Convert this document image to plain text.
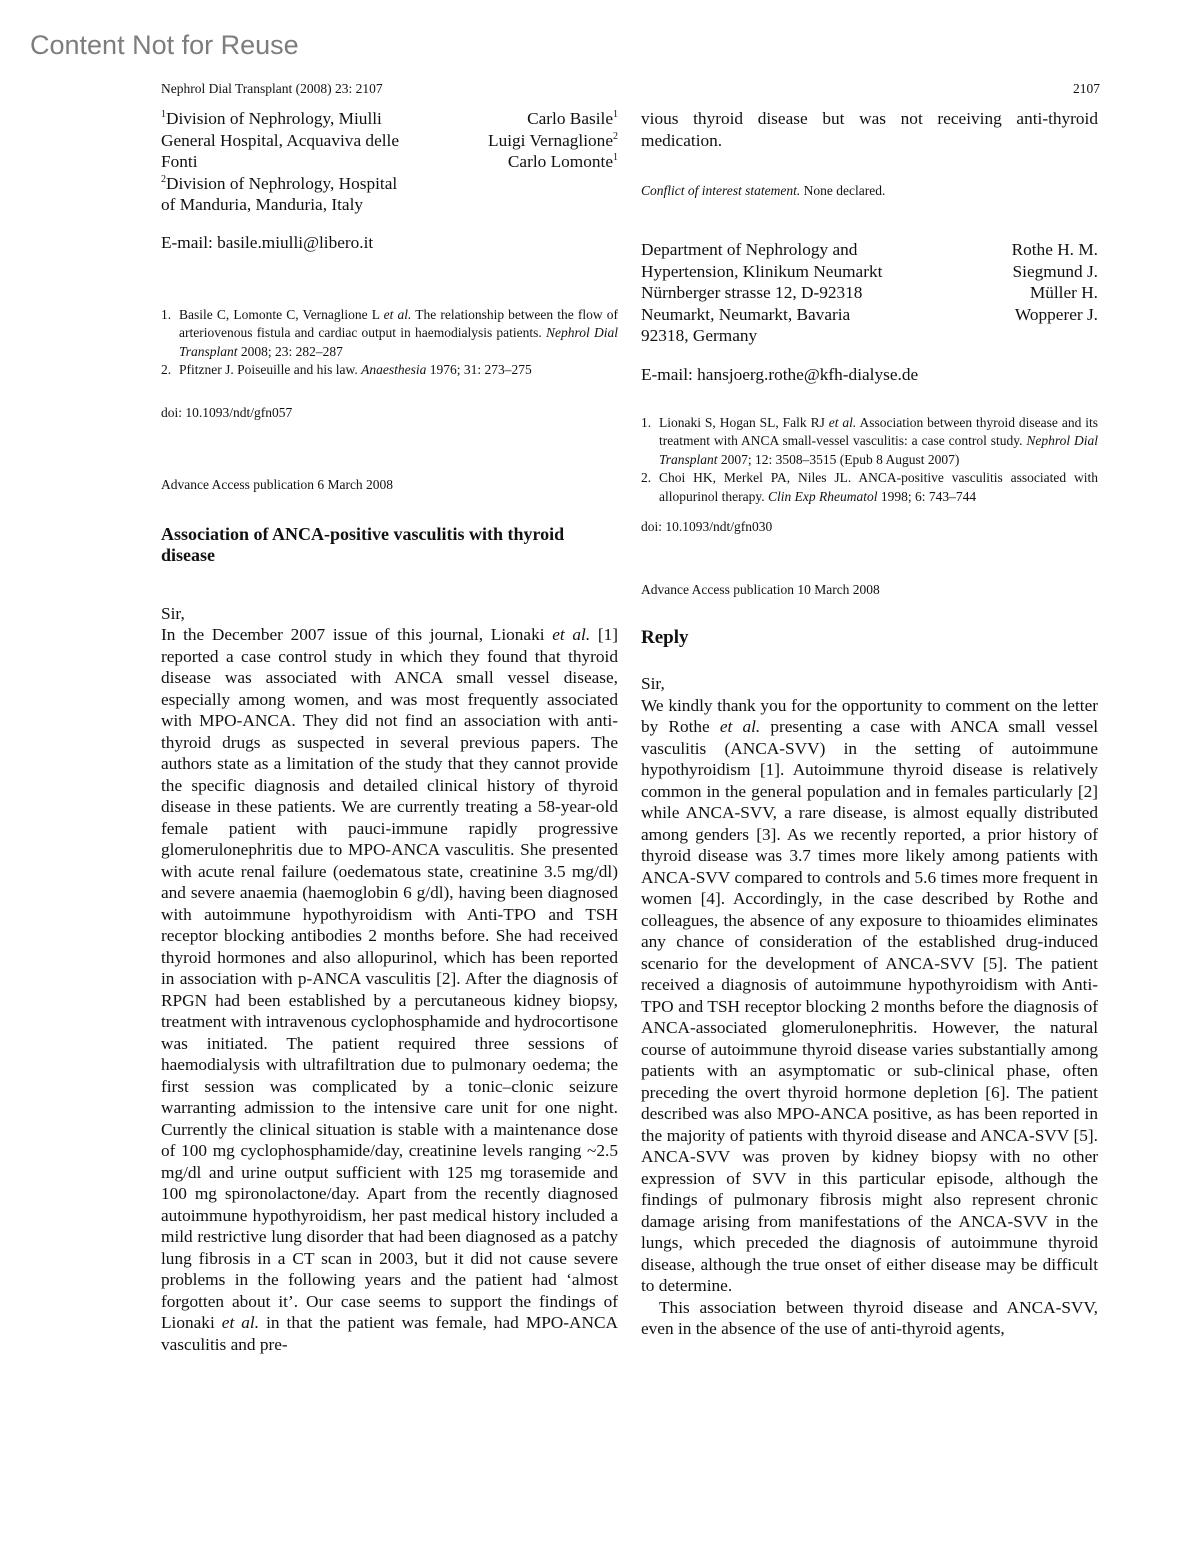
Content Not for Reuse
Nephrol Dial Transplant (2008) 23: 2107	2107
$^1$Division of Nephrology, Miulli
General Hospital, Acquaviva delle
Fonti
$^2$Division of Nephrology, Hospital
of Manduria, Manduria, Italy
Carlo Basile$^1$
Luigi Vernaglione$^2$
Carlo Lomonte$^1$
E-mail: basile.miulli@libero.it
1. Basile C, Lomonte C, Vernaglione L et al. The relationship between the flow of arteriovenous fistula and cardiac output in haemodialysis patients. Nephrol Dial Transplant 2008; 23: 282–287
2. Pfitzner J. Poiseuille and his law. Anaesthesia 1976; 31: 273–275
doi: 10.1093/ndt/gfn057
Advance Access publication 6 March 2008
Association of ANCA-positive vasculitis with thyroid disease
Sir,

In the December 2007 issue of this journal, Lionaki et al. [1] reported a case control study in which they found that thyroid disease was associated with ANCA small vessel disease, especially among women, and was most frequently associated with MPO-ANCA. They did not find an association with anti-thyroid drugs as suspected in several previous papers. The authors state as a limitation of the study that they cannot provide the specific diagnosis and detailed clinical history of thyroid disease in these patients. We are currently treating a 58-year-old female patient with pauci-immune rapidly progressive glomerulonephritis due to MPO-ANCA vasculitis. She presented with acute renal failure (oedematous state, creatinine 3.5 mg/dl) and severe anaemia (haemoglobin 6 g/dl), having been diagnosed with autoimmune hypothyroidism with Anti-TPO and TSH receptor blocking antibodies 2 months before. She had received thyroid hormones and also allopurinol, which has been reported in association with p-ANCA vasculitis [2]. After the diagnosis of RPGN had been established by a percutaneous kidney biopsy, treatment with intravenous cyclophosphamide and hydrocortisone was initiated. The patient required three sessions of haemodialysis with ultrafiltration due to pulmonary oedema; the first session was complicated by a tonic–clonic seizure warranting admission to the intensive care unit for one night. Currently the clinical situation is stable with a maintenance dose of 100 mg cyclophosphamide/day, creatinine levels ranging ~2.5 mg/dl and urine output sufficient with 125 mg torasemide and 100 mg spironolactone/day. Apart from the recently diagnosed autoimmune hypothyroidism, her past medical history included a mild restrictive lung disorder that had been diagnosed as a patchy lung fibrosis in a CT scan in 2003, but it did not cause severe problems in the following years and the patient had ‘almost forgotten about it’. Our case seems to support the findings of Lionaki et al. in that the patient was female, had MPO-ANCA vasculitis and pre-

vious thyroid disease but was not receiving anti-thyroid medication.

Conflict of interest statement. None declared.
Department of Nephrology and
Hypertension, Klinikum Neumarkt
Nürnberger strasse 12, D-92318
Neumarkt, Neumarkt, Bavaria
92318, Germany
Rothe H. M.
Siegmund J.
Müller H.
Wopperer J.
E-mail: hansjoerg.rothe@kfh-dialyse.de
1. Lionaki S, Hogan SL, Falk RJ et al. Association between thyroid disease and its treatment with ANCA small-vessel vasculitis: a case control study. Nephrol Dial Transplant 2007; 12: 3508–3515 (Epub 8 August 2007)
2. Choi HK, Merkel PA, Niles JL. ANCA-positive vasculitis associated with allopurinol therapy. Clin Exp Rheumatol 1998; 6: 743–744
doi: 10.1093/ndt/gfn030
Advance Access publication 10 March 2008
Reply
Sir,

We kindly thank you for the opportunity to comment on the letter by Rothe et al. presenting a case with ANCA small vessel vasculitis (ANCA-SVV) in the setting of autoimmune hypothyroidism [1]. Autoimmune thyroid disease is relatively common in the general population and in females particularly [2] while ANCA-SVV, a rare disease, is almost equally distributed among genders [3]. As we recently reported, a prior history of thyroid disease was 3.7 times more likely among patients with ANCA-SVV compared to controls and 5.6 times more frequent in women [4]. Accordingly, in the case described by Rothe and colleagues, the absence of any exposure to thioamides eliminates any chance of consideration of the established drug-induced scenario for the development of ANCA-SVV [5]. The patient received a diagnosis of autoimmune hypothyroidism with Anti-TPO and TSH receptor blocking 2 months before the diagnosis of ANCA-associated glomerulonephritis. However, the natural course of autoimmune thyroid disease varies substantially among patients with an asymptomatic or sub-clinical phase, often preceding the overt thyroid hormone depletion [6]. The patient described was also MPO-ANCA positive, as has been reported in the majority of patients with thyroid disease and ANCA-SVV [5]. ANCA-SVV was proven by kidney biopsy with no other expression of SVV in this particular episode, although the findings of pulmonary fibrosis might also represent chronic damage arising from manifestations of the ANCA-SVV in the lungs, which preceded the diagnosis of autoimmune thyroid disease, although the true onset of either disease may be difficult to determine.

This association between thyroid disease and ANCA-SVV, even in the absence of the use of anti-thyroid agents,
